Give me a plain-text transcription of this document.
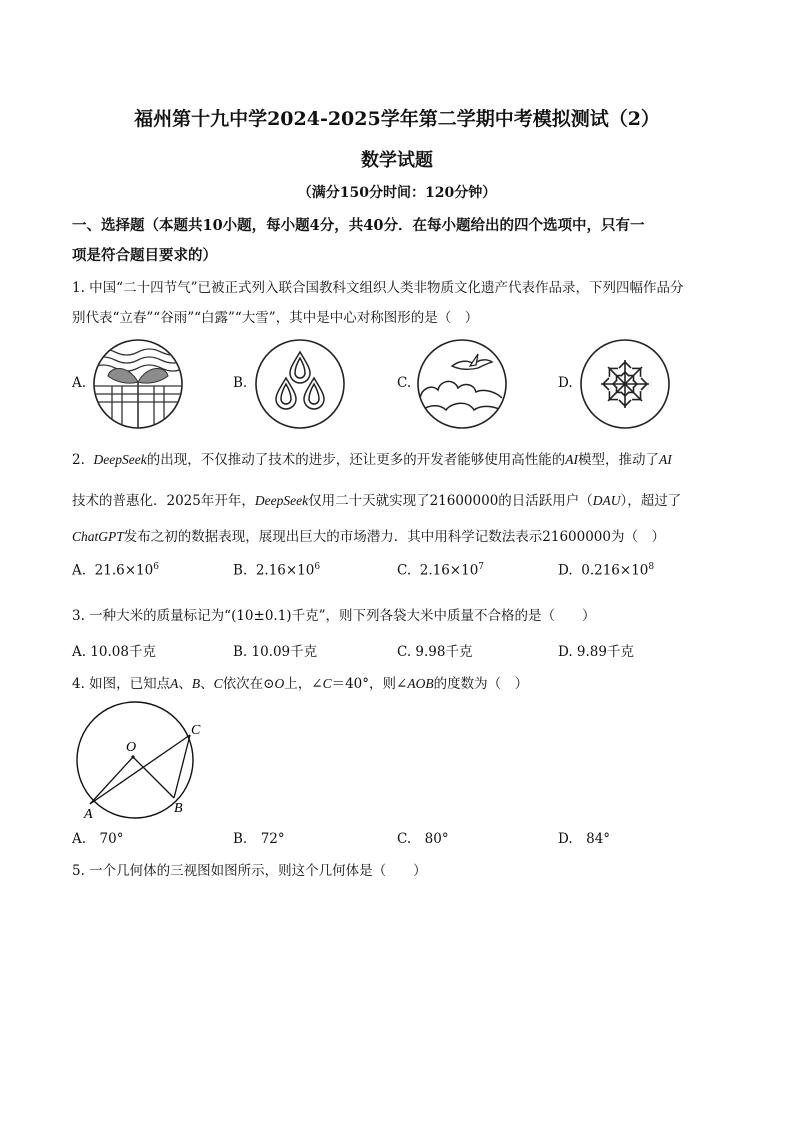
福州第十九中学2024-2025学年第二学期中考模拟测试（2）
数学试题
（满分150分时间：120分钟）
一、选择题（本题共10小题，每小题4分，共40分．在每小题给出的四个选项中，只有一
项是符合题目要求的）
1. 中国“二十四节气”已被正式列入联合国教科文组织人类非物质文化遗产代表作品录，下列四幅作品分
别代表“立春”“谷雨”“白露”“大雪”，其中是中心对称图形的是（　）
A.	B.	C.	D.
2. DeepSeek的出现，不仅推动了技术的进步，还让更多的开发者能够使用高性能的AI模型，推动了AI
技术的普惠化．2025年开年，DeepSeek仅用二十天就实现了21600000的日活跃用户（DAU），超过了
ChatGPT发布之初的数据表现，展现出巨大的市场潜力．其中用科学记数法表示21600000为（　）
A. $21.6\times 10^6$	B. $2.16\times 10^6$	C. $2.16\times 10^7$	D. $0.216\times 10^8$
3. 一种大米的质量标记为“(10±0.1)千克”，则下列各袋大米中质量不合格的是（　　）
A. 10.08千克	B. 10.09千克	C. 9.98千克	D. 9.89千克
4. 如图，已知点A、B、C依次在⊙O上，∠C＝40°，则∠AOB的度数为（　）
O
A	B
C
A.　70°	B.　72°	C.　80°	D.　84°
5. 一个几何体的三视图如图所示，则这个几何体是（　　）
